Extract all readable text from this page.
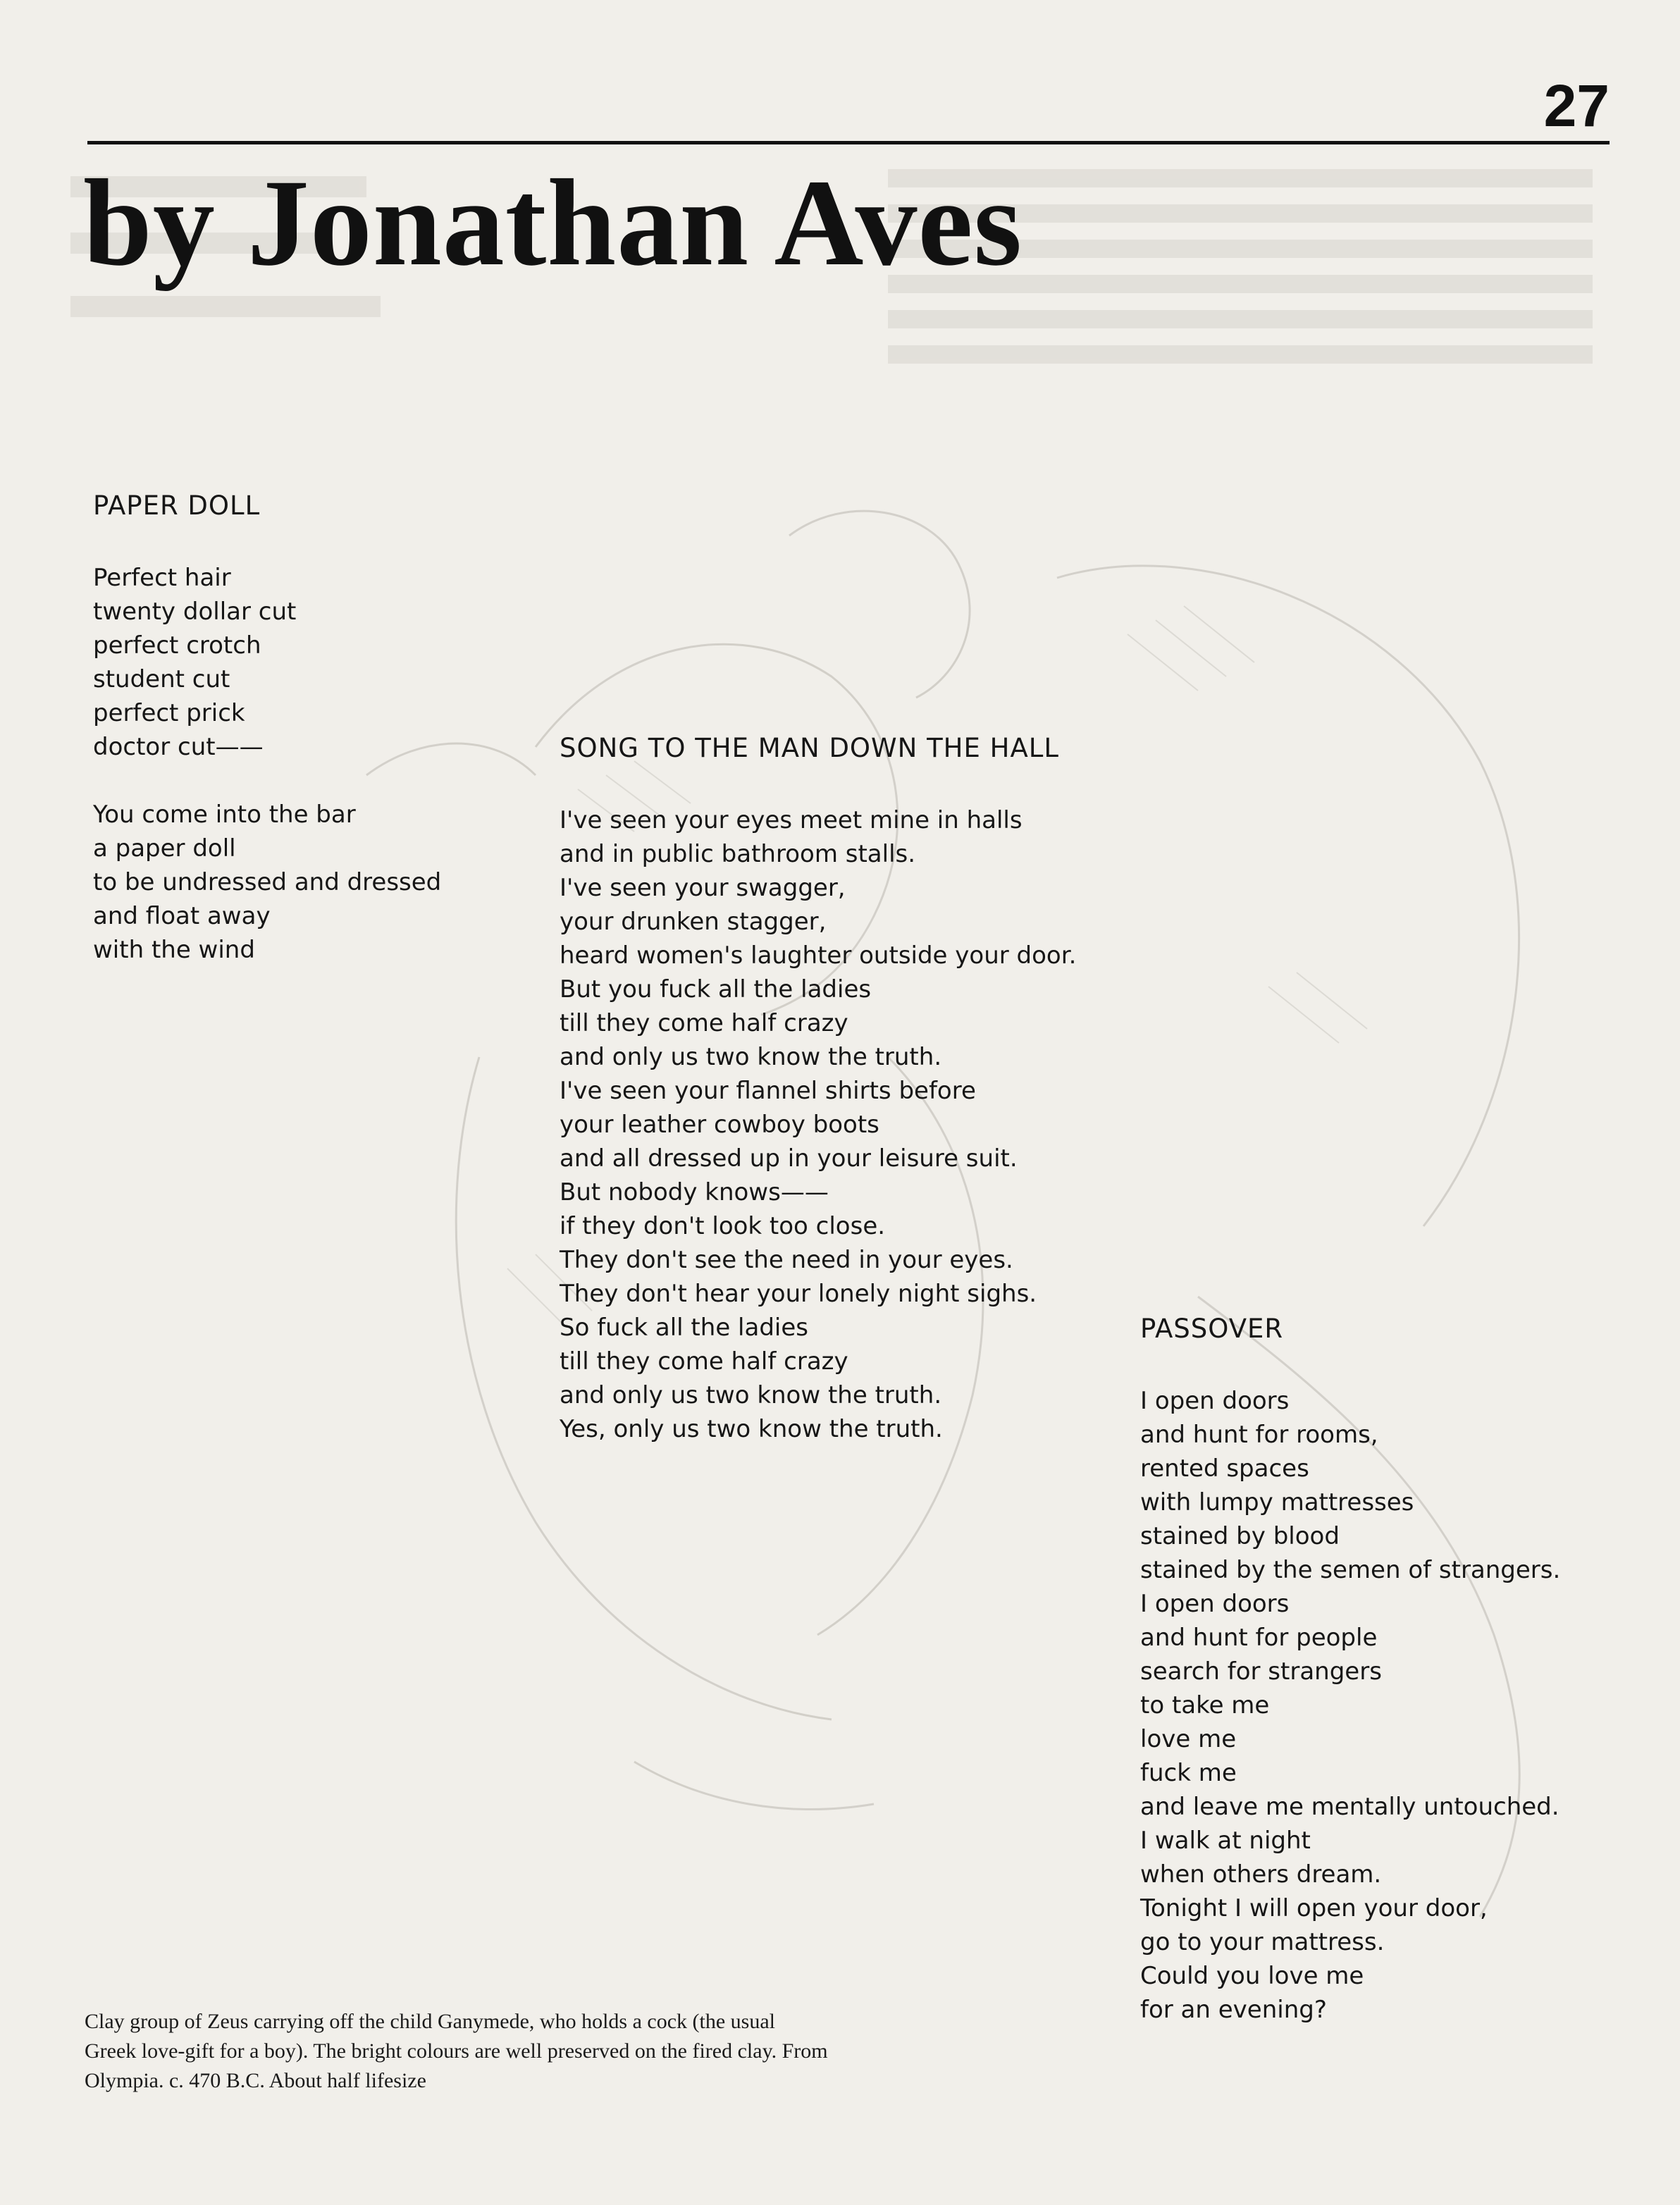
27
by Jonathan Aves
PAPER DOLL
Perfect hair
twenty dollar cut
perfect crotch
student cut
perfect prick
doctor cut——
You come into the bar
a paper doll
to be undressed and dressed
and float away
with the wind
SONG TO THE MAN DOWN THE HALL
I've seen your eyes meet mine in halls
and in public bathroom stalls.
I've seen your swagger,
your drunken stagger,
heard women's laughter outside your door.
But you fuck all the ladies
till they come half crazy
and only us two know the truth.
I've seen your flannel shirts before
your leather cowboy boots
and all dressed up in your leisure suit.
But nobody knows——
if they don't look too close.
They don't see the need in your eyes.
They don't hear your lonely night sighs.
So fuck all the ladies
till they come half crazy
and only us two know the truth.
Yes, only us two know the truth.
PASSOVER
I open doors
and hunt for rooms,
rented spaces
with lumpy mattresses
stained by blood
stained by the semen of strangers.
I open doors
and hunt for people
search for strangers
to take me
love me
fuck me
and leave me mentally untouched.
I walk at night
when others dream.
Tonight I will open your door,
go to your mattress.
Could you love me
for an evening?
Clay group of Zeus carrying off the child Ganymede, who holds a cock (the usual
Greek love-gift for a boy). The bright colours are well preserved on the fired clay. From
Olympia. c. 470 B.C. About half lifesize
